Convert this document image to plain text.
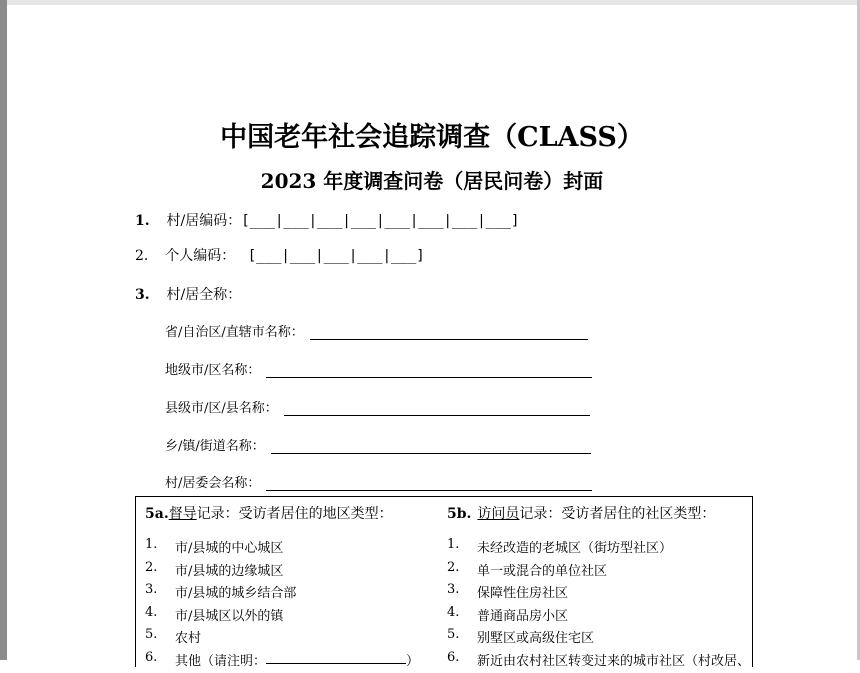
中国老年社会追踪调查（CLASS）
2023 年度调查问卷（居民问卷）封面
1. 村/居编码：[___|___|___|___|___|___|___|___]
2. 个人编码： [___|___|___|___|___]
3. 村/居全称：
省/自治区/直辖市名称：
地级市/区名称：
县级市/区/县名称：
乡/镇/街道名称：
村/居委会名称：
5a.督导记录：受访者居住的地区类型：
1.	市/县城的中心城区
2.	市/县城的边缘城区
3.	市/县城的城乡结合部
4.	市/县城区以外的镇
5.	农村
6.	其他（请注明：	）
5b. 访问员记录：受访者居住的社区类型：
1.	未经改造的老城区（街坊型社区）
2.	单一或混合的单位社区
3.	保障性住房社区
4.	普通商品房小区
5.	别墅区或高级住宅区
6.	新近由农村社区转变过来的城市社区（村改居、
